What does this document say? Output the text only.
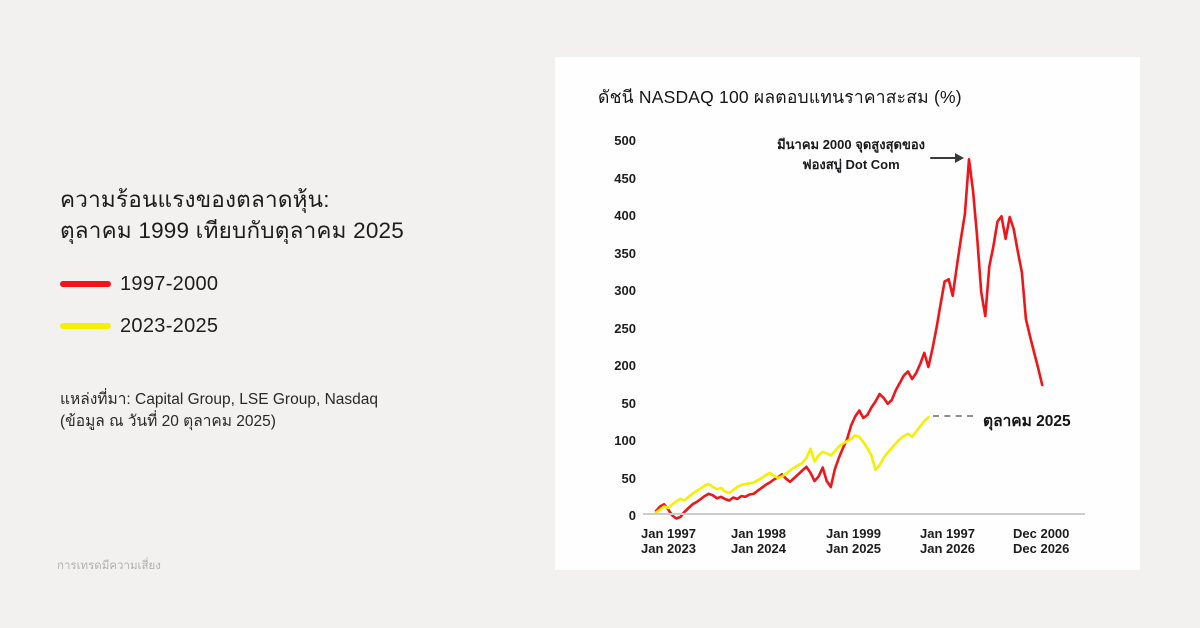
ความร้อนแรงของตลาดหุ้น:
ตุลาคม 1999 เทียบกับตุลาคม 2025
1997-2000
2023-2025
แหล่งที่มา: Capital Group, LSE Group, Nasdaq
(ข้อมูล ณ วันที่ 20 ตุลาคม 2025)
การเทรดมีความเสี่ยง
ดัชนี NASDAQ 100 ผลตอบแทนราคาสะสม (%)
500
450
400
350
300
250
200
50
100
50
0
Jan 1997
Jan 2023
Jan 1998
Jan 2024
Jan 1999
Jan 2025
Jan 1997
Jan 2026
Dec 2000
Dec 2026
มีนาคม 2000 จุดสูงสุดของ
ฟองสบู่ Dot Com
ตุลาคม 2025
